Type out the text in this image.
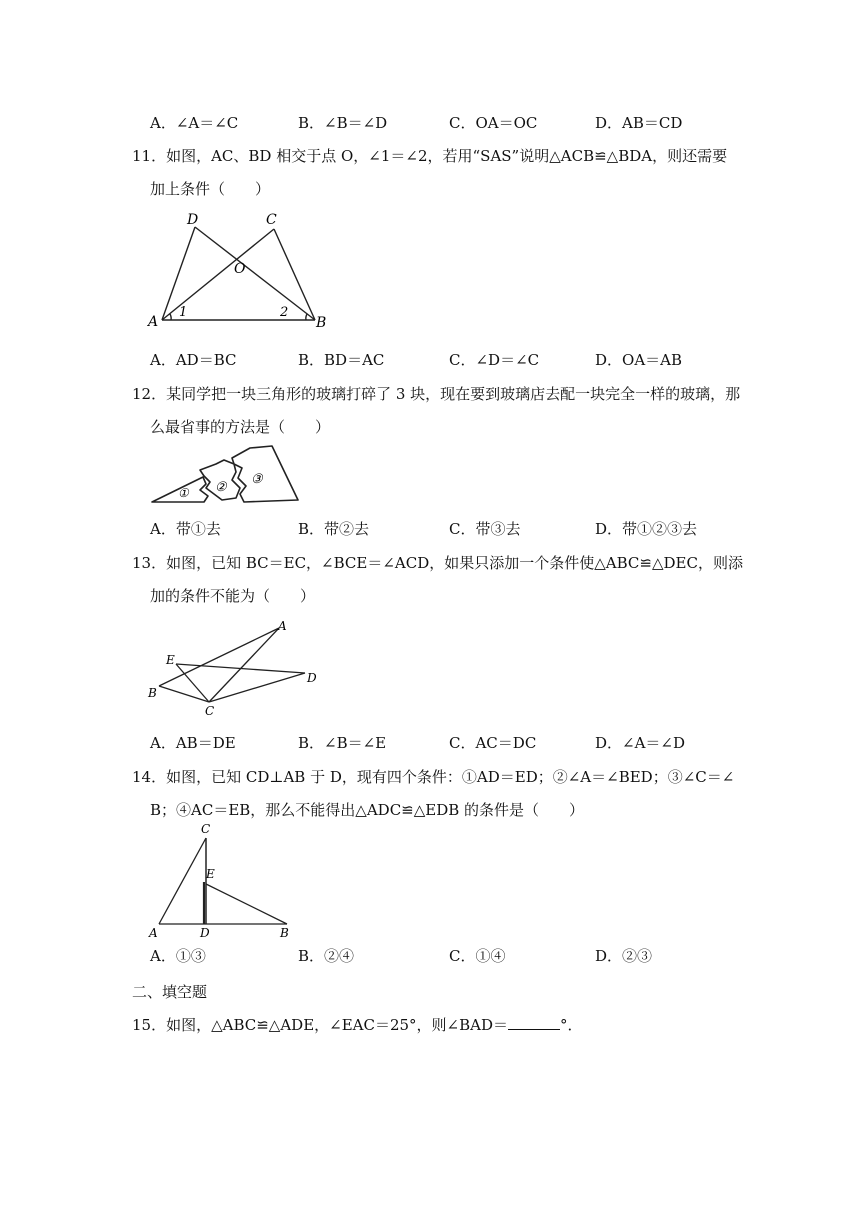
A．∠A＝∠C	B．∠B＝∠D	C．OA＝OC	D．AB＝CD
11．如图，AC、BD 相交于点 O，∠1＝∠2，若用“SAS”说明△ACB≌△BDA，则还需要
加上条件（　　）
D	C
O
A	B
1	2
A．AD＝BC	B．BD＝AC	C．∠D＝∠C	D．OA＝AB
12．某同学把一块三角形的玻璃打碎了 3 块，现在要到玻璃店去配一块完全一样的玻璃，那
么最省事的方法是（　　）
① ②
③
A．带①去	B．带②去	C．带③去	D．带①②③去
13．如图，已知 BC＝EC，∠BCE＝∠ACD，如果只添加一个条件使△ABC≌△DEC，则添
加的条件不能为（　　）
A
E
D
B
C
A．AB＝DE	B．∠B＝∠E	C．AC＝DC	D．∠A＝∠D
14．如图，已知 CD⊥AB 于 D，现有四个条件：①AD＝ED；②∠A＝∠BED；③∠C＝∠
B；④AC＝EB，那么不能得出△ADC≌△EDB 的条件是（　　）
C
E
A	D	B
A．①③	B．②④	C．①④	D．②③
二、填空题
15．如图，△ABC≌△ADE，∠EAC＝25°，则∠BAD＝	°．
